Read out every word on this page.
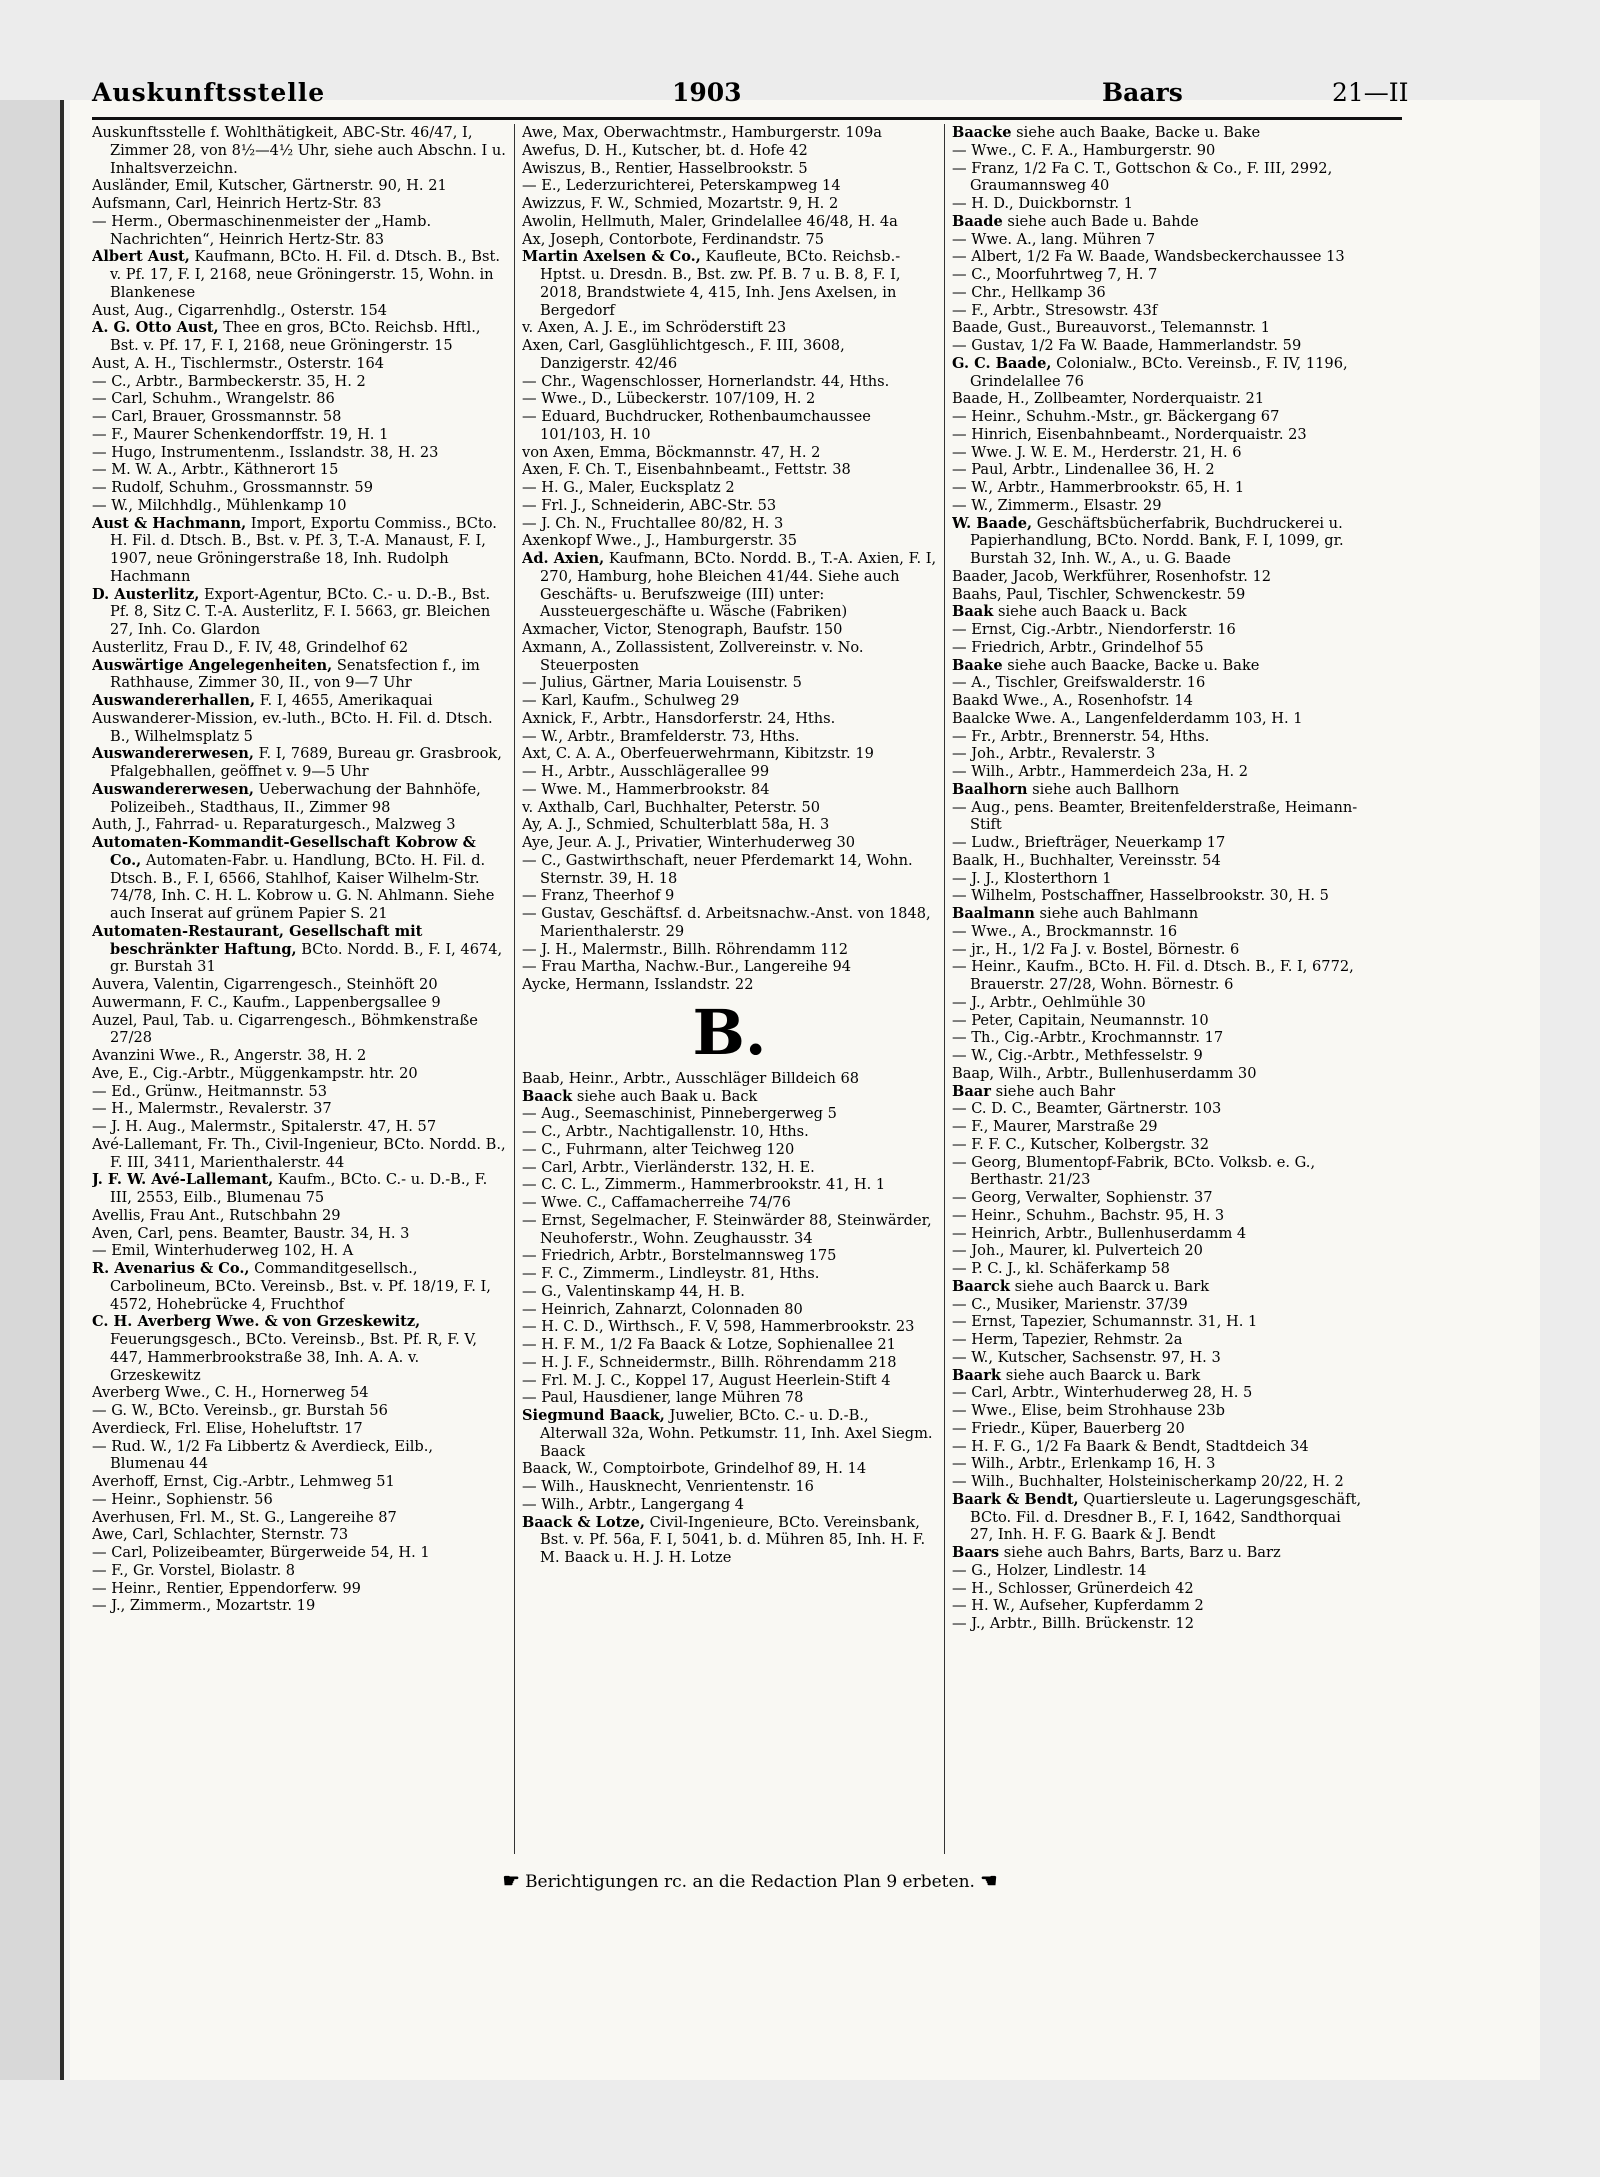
Auskunftsstelle	1903	Baars	21—II
Auskunftsstelle f. Wohlthätigkeit, ABC-Str. 46/47, I, Zimmer 28, von 8½—4½ Uhr, siehe auch Abschn. I u. Inhaltsverzeichn.
Ausländer, Emil, Kutscher, Gärtnerstr. 90, H. 21
Aufsmann, Carl, Heinrich Hertz-Str. 83
— Herm., Obermaschinenmeister der „Hamb. Nachrichten“, Heinrich Hertz-Str. 83
Albert Aust, Kaufmann, BCto. H. Fil. d. Dtsch. B., Bst. v. Pf. 17, F. I, 2168, neue Gröningerstr. 15, Wohn. in Blankenese
Aust, Aug., Cigarrenhdlg., Osterstr. 154
A. G. Otto Aust, Thee en gros, BCto. Reichsb. Hftl., Bst. v. Pf. 17, F. I, 2168, neue Gröningerstr. 15
Aust, A. H., Tischlermstr., Osterstr. 164
— C., Arbtr., Barmbeckerstr. 35, H. 2
— Carl, Schuhm., Wrangelstr. 86
— Carl, Brauer, Grossmannstr. 58
— F., Maurer Schenkendorffstr. 19, H. 1
— Hugo, Instrumentenm., Isslandstr. 38, H. 23
— M. W. A., Arbtr., Käthnerort 15
— Rudolf, Schuhm., Grossmannstr. 59
— W., Milchhdlg., Mühlenkamp 10
Aust & Hachmann, Import, Exportu Commiss., BCto. H. Fil. d. Dtsch. B., Bst. v. Pf. 3, T.-A. Manaust, F. I, 1907, neue Gröningerstraße 18, Inh. Rudolph Hachmann
D. Austerlitz, Export-Agentur, BCto. C.- u. D.-B., Bst. Pf. 8, Sitz C. T.-A. Austerlitz, F. I. 5663, gr. Bleichen 27, Inh. Co. Glardon
Austerlitz, Frau D., F. IV, 48, Grindelhof 62
Auswärtige Angelegenheiten, Senatsfection f., im Rathhause, Zimmer 30, II., von 9—7 Uhr
Auswandererhallen, F. I, 4655, Amerikaquai
Auswanderer-Mission, ev.-luth., BCto. H. Fil. d. Dtsch. B., Wilhelmsplatz 5
Auswandererwesen, F. I, 7689, Bureau gr. Grasbrook, Pfalgebhallen, geöffnet v. 9—5 Uhr
Auswandererwesen, Ueberwachung der Bahnhöfe, Polizeibeh., Stadthaus, II., Zimmer 98
Auth, J., Fahrrad- u. Reparaturgesch., Malzweg 3
Automaten-Kommandit-Gesellschaft Kobrow & Co., Automaten-Fabr. u. Handlung, BCto. H. Fil. d. Dtsch. B., F. I, 6566, Stahlhof, Kaiser Wilhelm-Str. 74/78, Inh. C. H. L. Kobrow u. G. N. Ahlmann. Siehe auch Inserat auf grünem Papier S. 21
Automaten-Restaurant, Gesellschaft mit beschränkter Haftung, BCto. Nordd. B., F. I, 4674, gr. Burstah 31
Auvera, Valentin, Cigarrengesch., Steinhöft 20
Auwermann, F. C., Kaufm., Lappenbergsallee 9
Auzel, Paul, Tab. u. Cigarrengesch., Böhmkenstraße 27/28
Avanzini Wwe., R., Angerstr. 38, H. 2
Ave, E., Cig.-Arbtr., Müggenkampstr. htr. 20
— Ed., Grünw., Heitmannstr. 53
— H., Malermstr., Revalerstr. 37
— J. H. Aug., Malermstr., Spitalerstr. 47, H. 57
Avé-Lallemant, Fr. Th., Civil-Ingenieur, BCto. Nordd. B., F. III, 3411, Marienthalerstr. 44
J. F. W. Avé-Lallemant, Kaufm., BCto. C.- u. D.-B., F. III, 2553, Eilb., Blumenau 75
Avellis, Frau Ant., Rutschbahn 29
Aven, Carl, pens. Beamter, Baustr. 34, H. 3
— Emil, Winterhuderweg 102, H. A
R. Avenarius & Co., Commanditgesellsch., Carbolineum, BCto. Vereinsb., Bst. v. Pf. 18/19, F. I, 4572, Hohebrücke 4, Fruchthof
C. H. Averberg Wwe. & von Grzeskewitz, Feuerungsgesch., BCto. Vereinsb., Bst. Pf. R, F. V, 447, Hammerbrookstraße 38, Inh. A. A. v. Grzeskewitz
Averberg Wwe., C. H., Hornerweg 54
— G. W., BCto. Vereinsb., gr. Burstah 56
Averdieck, Frl. Elise, Hoheluftstr. 17
— Rud. W., 1/2 Fa Libbertz & Averdieck, Eilb., Blumenau 44
Averhoff, Ernst, Cig.-Arbtr., Lehmweg 51
— Heinr., Sophienstr. 56
Averhusen, Frl. M., St. G., Langereihe 87
Awe, Carl, Schlachter, Sternstr. 73
— Carl, Polizeibeamter, Bürgerweide 54, H. 1
— F., Gr. Vorstel, Biolastr. 8
— Heinr., Rentier, Eppendorferw. 99
— J., Zimmerm., Mozartstr. 19
Awe, Max, Oberwachtmstr., Hamburgerstr. 109a
Awefus, D. H., Kutscher, bt. d. Hofe 42
Awiszus, B., Rentier, Hasselbrookstr. 5
— E., Lederzurichterei, Peterskampweg 14
Awizzus, F. W., Schmied, Mozartstr. 9, H. 2
Awolin, Hellmuth, Maler, Grindelallee 46/48, H. 4a
Ax, Joseph, Contorbote, Ferdinandstr. 75
Martin Axelsen & Co., Kaufleute, BCto. Reichsb.-Hptst. u. Dresdn. B., Bst. zw. Pf. B. 7 u. B. 8, F. I, 2018, Brandstwiete 4, 415, Inh. Jens Axelsen, in Bergedorf
v. Axen, A. J. E., im Schröderstift 23
Axen, Carl, Gasglühlichtgesch., F. III, 3608, Danzigerstr. 42/46
— Chr., Wagenschlosser, Hornerlandstr. 44, Hths.
— Wwe., D., Lübeckerstr. 107/109, H. 2
— Eduard, Buchdrucker, Rothenbaumchaussee 101/103, H. 10
von Axen, Emma, Böckmannstr. 47, H. 2
Axen, F. Ch. T., Eisenbahnbeamt., Fettstr. 38
— H. G., Maler, Eucksplatz 2
— Frl. J., Schneiderin, ABC-Str. 53
— J. Ch. N., Fruchtallee 80/82, H. 3
Axenkopf Wwe., J., Hamburgerstr. 35
Ad. Axien, Kaufmann, BCto. Nordd. B., T.-A. Axien, F. I, 270, Hamburg, hohe Bleichen 41/44. Siehe auch Geschäfts- u. Berufszweige (III) unter: Aussteuergeschäfte u. Wäsche (Fabriken)
Axmacher, Victor, Stenograph, Baufstr. 150
Axmann, A., Zollassistent, Zollvereinstr. v. No. Steuerposten
— Julius, Gärtner, Maria Louisenstr. 5
— Karl, Kaufm., Schulweg 29
Axnick, F., Arbtr., Hansdorferstr. 24, Hths.
— W., Arbtr., Bramfelderstr. 73, Hths.
Axt, C. A. A., Oberfeuerwehrmann, Kibitzstr. 19
— H., Arbtr., Ausschlägerallee 99
— Wwe. M., Hammerbrookstr. 84
v. Axthalb, Carl, Buchhalter, Peterstr. 50
Ay, A. J., Schmied, Schulterblatt 58a, H. 3
Aye, Jeur. A. J., Privatier, Winterhuderweg 30
— C., Gastwirthschaft, neuer Pferdemarkt 14, Wohn. Sternstr. 39, H. 18
— Franz, Theerhof 9
— Gustav, Geschäftsf. d. Arbeitsnachw.-Anst. von 1848, Marienthalerstr. 29
— J. H., Malermstr., Billh. Röhrendamm 112
— Frau Martha, Nachw.-Bur., Langereihe 94
Aycke, Hermann, Isslandstr. 22
B.
Baab, Heinr., Arbtr., Ausschläger Billdeich 68
Baack siehe auch Baak u. Back
— Aug., Seemaschinist, Pinnebergerweg 5
— C., Arbtr., Nachtigallenstr. 10, Hths.
— C., Fuhrmann, alter Teichweg 120
— Carl, Arbtr., Vierländerstr. 132, H. E.
— C. C. L., Zimmerm., Hammerbrookstr. 41, H. 1
— Wwe. C., Caffamacherreihe 74/76
— Ernst, Segelmacher, F. Steinwärder 88, Steinwärder, Neuhoferstr., Wohn. Zeughausstr. 34
— Friedrich, Arbtr., Borstelmannsweg 175
— F. C., Zimmerm., Lindleystr. 81, Hths.
— G., Valentinskamp 44, H. B.
— Heinrich, Zahnarzt, Colonnaden 80
— H. C. D., Wirthsch., F. V, 598, Hammerbrookstr. 23
— H. F. M., 1/2 Fa Baack & Lotze, Sophienallee 21
— H. J. F., Schneidermstr., Billh. Röhrendamm 218
— Frl. M. J. C., Koppel 17, August Heerlein-Stift 4
— Paul, Hausdiener, lange Mühren 78
Siegmund Baack, Juwelier, BCto. C.- u. D.-B., Alterwall 32a, Wohn. Petkumstr. 11, Inh. Axel Siegm. Baack
Baack, W., Comptoirbote, Grindelhof 89, H. 14
— Wilh., Hausknecht, Venrientenstr. 16
— Wilh., Arbtr., Langergang 4
Baack & Lotze, Civil-Ingenieure, BCto. Vereinsbank, Bst. v. Pf. 56a, F. I, 5041, b. d. Mühren 85, Inh. H. F. M. Baack u. H. J. H. Lotze
Baacke siehe auch Baake, Backe u. Bake
— Wwe., C. F. A., Hamburgerstr. 90
— Franz, 1/2 Fa C. T., Gottschon & Co., F. III, 2992, Graumannsweg 40
— H. D., Duickbornstr. 1
Baade siehe auch Bade u. Bahde
— Wwe. A., lang. Mühren 7
— Albert, 1/2 Fa W. Baade, Wandsbeckerchaussee 13
— C., Moorfuhrtweg 7, H. 7
— Chr., Hellkamp 36
— F., Arbtr., Stresowstr. 43f
Baade, Gust., Bureauvorst., Telemannstr. 1
— Gustav, 1/2 Fa W. Baade, Hammerlandstr. 59
G. C. Baade, Colonialw., BCto. Vereinsb., F. IV, 1196, Grindelallee 76
Baade, H., Zollbeamter, Norderquaistr. 21
— Heinr., Schuhm.-Mstr., gr. Bäckergang 67
— Hinrich, Eisenbahnbeamt., Norderquaistr. 23
— Wwe. J. W. E. M., Herderstr. 21, H. 6
— Paul, Arbtr., Lindenallee 36, H. 2
— W., Arbtr., Hammerbrookstr. 65, H. 1
— W., Zimmerm., Elsastr. 29
W. Baade, Geschäftsbücherfabrik, Buchdruckerei u. Papierhandlung, BCto. Nordd. Bank, F. I, 1099, gr. Burstah 32, Inh. W., A., u. G. Baade
Baader, Jacob, Werkführer, Rosenhofstr. 12
Baahs, Paul, Tischler, Schwenckestr. 59
Baak siehe auch Baack u. Back
— Ernst, Cig.-Arbtr., Niendorferstr. 16
— Friedrich, Arbtr., Grindelhof 55
Baake siehe auch Baacke, Backe u. Bake
— A., Tischler, Greifswalderstr. 16
Baakd Wwe., A., Rosenhofstr. 14
Baalcke Wwe. A., Langenfelderdamm 103, H. 1
— Fr., Arbtr., Brennerstr. 54, Hths.
— Joh., Arbtr., Revalerstr. 3
— Wilh., Arbtr., Hammerdeich 23a, H. 2
Baalhorn siehe auch Ballhorn
— Aug., pens. Beamter, Breitenfelderstraße, Heimann-Stift
— Ludw., Briefträger, Neuerkamp 17
Baalk, H., Buchhalter, Vereinsstr. 54
— J. J., Klosterthorn 1
— Wilhelm, Postschaffner, Hasselbrookstr. 30, H. 5
Baalmann siehe auch Bahlmann
— Wwe., A., Brockmannstr. 16
— jr., H., 1/2 Fa J. v. Bostel, Börnestr. 6
— Heinr., Kaufm., BCto. H. Fil. d. Dtsch. B., F. I, 6772, Brauerstr. 27/28, Wohn. Börnestr. 6
— J., Arbtr., Oehlmühle 30
— Peter, Capitain, Neumannstr. 10
— Th., Cig.-Arbtr., Krochmannstr. 17
— W., Cig.-Arbtr., Methfesselstr. 9
Baap, Wilh., Arbtr., Bullenhuserdamm 30
Baar siehe auch Bahr
— C. D. C., Beamter, Gärtnerstr. 103
— F., Maurer, Marstraße 29
— F. F. C., Kutscher, Kolbergstr. 32
— Georg, Blumentopf-Fabrik, BCto. Volksb. e. G., Berthastr. 21/23
— Georg, Verwalter, Sophienstr. 37
— Heinr., Schuhm., Bachstr. 95, H. 3
— Heinrich, Arbtr., Bullenhuserdamm 4
— Joh., Maurer, kl. Pulverteich 20
— P. C. J., kl. Schäferkamp 58
Baarck siehe auch Baarck u. Bark
— C., Musiker, Marienstr. 37/39
— Ernst, Tapezier, Schumannstr. 31, H. 1
— Herm, Tapezier, Rehmstr. 2a
— W., Kutscher, Sachsenstr. 97, H. 3
Baark siehe auch Baarck u. Bark
— Carl, Arbtr., Winterhuderweg 28, H. 5
— Wwe., Elise, beim Strohhause 23b
— Friedr., Küper, Bauerberg 20
— H. F. G., 1/2 Fa Baark & Bendt, Stadtdeich 34
— Wilh., Arbtr., Erlenkamp 16, H. 3
— Wilh., Buchhalter, Holsteinischerkamp 20/22, H. 2
Baark & Bendt, Quartiersleute u. Lagerungsgeschäft, BCto. Fil. d. Dresdner B., F. I, 1642, Sandthorquai 27, Inh. H. F. G. Baark & J. Bendt
Baars siehe auch Bahrs, Barts, Barz u. Barz
— G., Holzer, Lindlestr. 14
— H., Schlosser, Grünerdeich 42
— H. W., Aufseher, Kupferdamm 2
— J., Arbtr., Billh. Brückenstr. 12
☛ Berichtigungen rc. an die Redaction Plan 9 erbeten. ☚
